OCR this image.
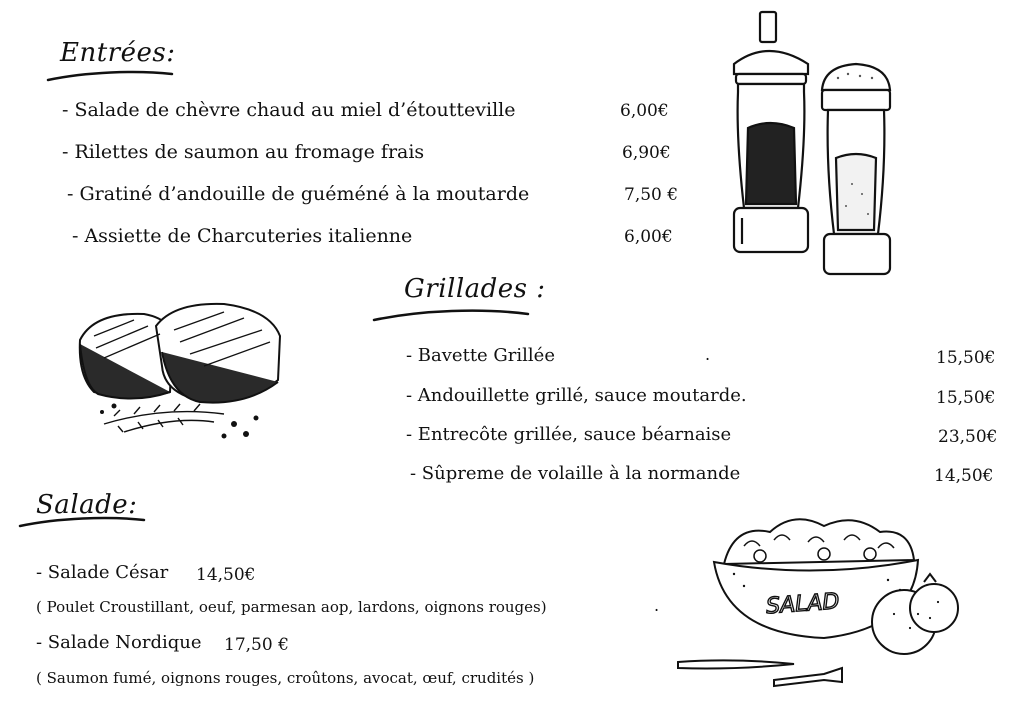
Entrées:
- Salade de chèvre chaud au miel d’étoutteville	6,00€
- Rilettes de saumon au fromage frais	6,90€
- Gratiné d’andouille de guéméné à la moutarde	7,50 €
- Assiette de Charcuteries italienne	6,00€
Grillades :
- Bavette Grillée	.	15,50€
- Andouillette grillé, sauce moutarde.	15,50€
- Entrecôte grillée, sauce béarnaise	23,50€
- Sûpreme de volaille à la normande	14,50€
Salade:
- Salade César 14,50€
( Poulet Croustillant, oeuf, parmesan aop, lardons, oignons rouges)	.
- Salade Nordique 17,50 €
( Saumon fumé, oignons rouges, croûtons, avocat, œuf, crudités )
SALAD
